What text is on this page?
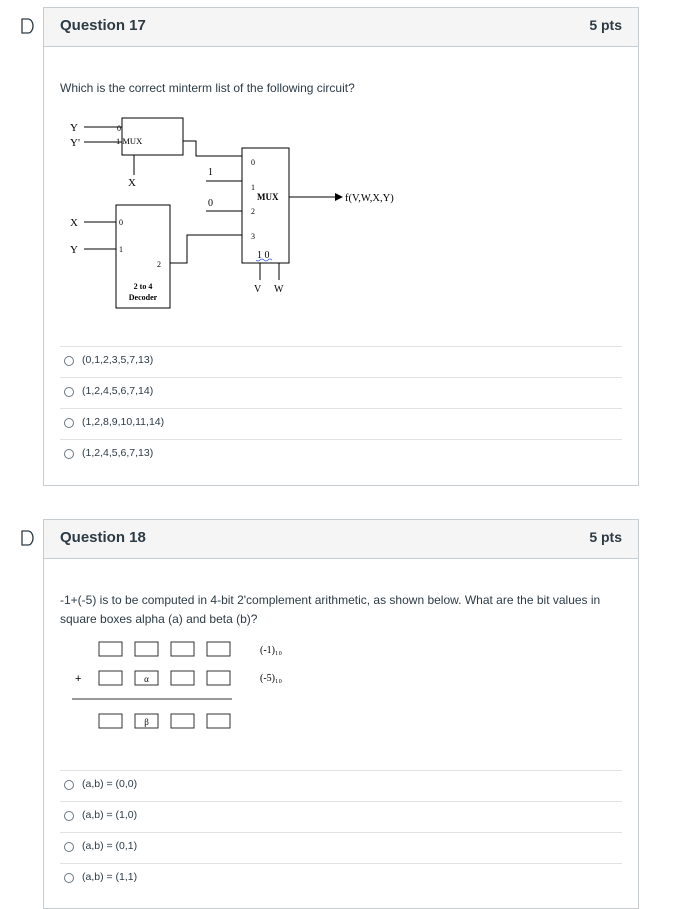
Question 17	5 pts
Which is the correct minterm list of the following circuit?
0
1 MUX
Y
Y'
X
X
Y
0
1
2
2 to 4
Decoder
1
0
0
1
MUX
2
3
1 0
V W
f(V,W,X,Y)
(0,1,2,3,5,7,13)
(1,2,4,5,6,7,14)
(1,2,8,9,10,11,14)
(1,2,4,5,6,7,13)
Question 18	5 pts
-1+(-5) is to be computed in 4-bit 2'complement arithmetic, as shown below. What are the bit values in square boxes alpha (a) and beta (b)?
+	α
β
(-1)₁₀
(-5)₁₀
(a,b) = (0,0)
(a,b) = (1,0)
(a,b) = (0,1)
(a,b) = (1,1)
